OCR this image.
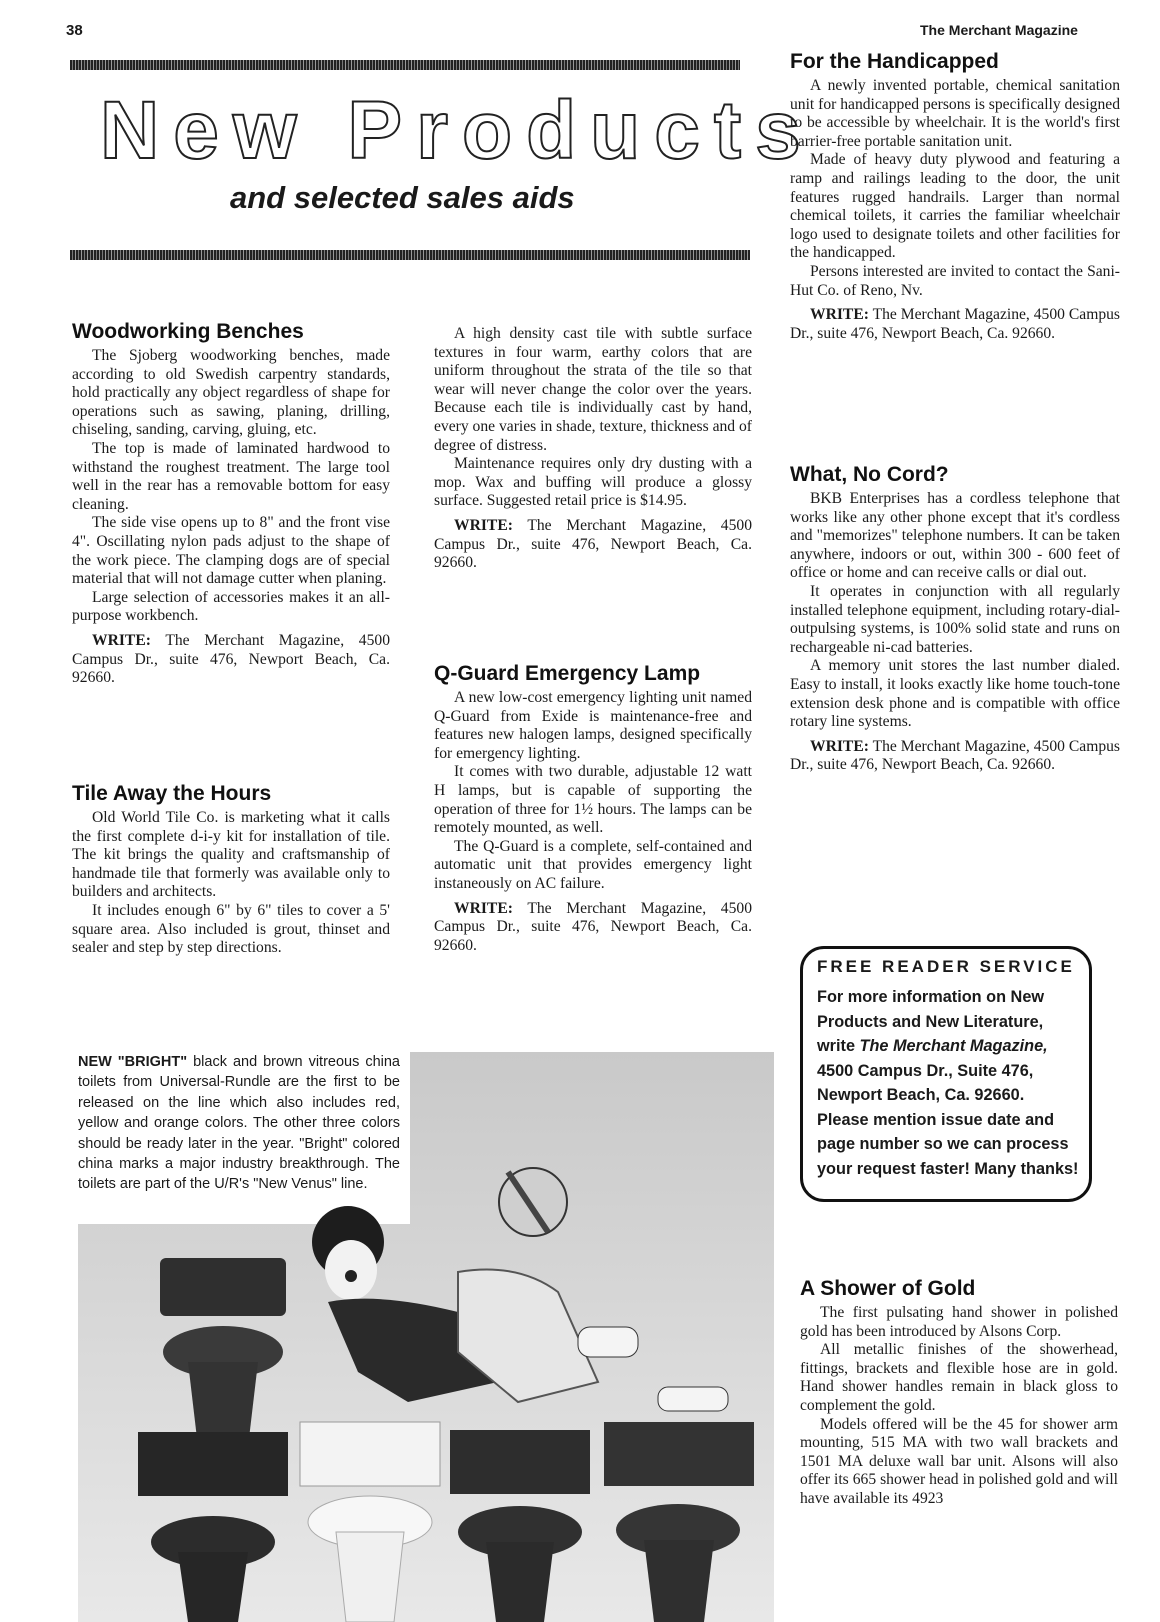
38	The Merchant Magazine
New Products
and selected sales aids
Woodworking Benches

The Sjoberg woodworking benches, made according to old Swedish carpentry standards, hold practically any object regardless of shape for operations such as sawing, planing, drilling, chiseling, sanding, carving, gluing, etc.

The top is made of laminated hardwood to withstand the roughest treatment. The large tool well in the rear has a removable bottom for easy cleaning.

The side vise opens up to 8" and the front vise 4". Oscillating nylon pads adjust to the shape of the work piece. The clamping dogs are of special material that will not damage cutter when planing.

Large selection of accessories makes it an all-purpose workbench.

WRITE: The Merchant Magazine, 4500 Campus Dr., suite 476, Newport Beach, Ca. 92660.

Tile Away the Hours

Old World Tile Co. is marketing what it calls the first complete d-i-y kit for installation of tile. The kit brings the quality and craftsmanship of handmade tile that formerly was available only to builders and architects.

It includes enough 6" by 6" tiles to cover a 5' square area. Also included is grout, thinset and sealer and step by step directions.

A high density cast tile with subtle surface textures in four warm, earthy colors that are uniform throughout the strata of the tile so that wear will never change the color over the years. Because each tile is individually cast by hand, every one varies in shade, texture, thickness and of degree of distress.

Maintenance requires only dry dusting with a mop. Wax and buffing will produce a glossy surface. Suggested retail price is $14.95.

WRITE: The Merchant Magazine, 4500 Campus Dr., suite 476, Newport Beach, Ca. 92660.

Q-Guard Emergency Lamp

A new low-cost emergency lighting unit named Q-Guard from Exide is maintenance-free and features new halogen lamps, designed specifically for emergency lighting.

It comes with two durable, adjustable 12 watt H lamps, but is capable of supporting the operation of three for 1½ hours. The lamps can be remotely mounted, as well.

The Q-Guard is a complete, self-contained and automatic unit that provides emergency light instaneously on AC failure.

WRITE: The Merchant Magazine, 4500 Campus Dr., suite 476, Newport Beach, Ca. 92660.

For the Handicapped

A newly invented portable, chemical sanitation unit for handicapped persons is specifically designed to be accessible by wheelchair. It is the world's first barrier-free portable sanitation unit.

Made of heavy duty plywood and featuring a ramp and railings leading to the door, the unit features rugged handrails. Larger than normal chemical toilets, it carries the familiar wheelchair logo used to designate toilets and other facilities for the handicapped.

Persons interested are invited to contact the Sani-Hut Co. of Reno, Nv.

WRITE: The Merchant Magazine, 4500 Campus Dr., suite 476, Newport Beach, Ca. 92660.

What, No Cord?

BKB Enterprises has a cordless telephone that works like any other phone except that it's cordless and "memorizes" telephone numbers. It can be taken anywhere, indoors or out, within 300 - 600 feet of office or home and can receive calls or dial out.

It operates in conjunction with all regularly installed telephone equipment, including rotary-dial-outpulsing systems, is 100% solid state and runs on rechargeable ni-cad batteries.

A memory unit stores the last number dialed. Easy to install, it looks exactly like home touch-tone extension desk phone and is compatible with office rotary line systems.

WRITE: The Merchant Magazine, 4500 Campus Dr., suite 476, Newport Beach, Ca. 92660.

FREE READER SERVICE
For more information on New Products and New Literature, write The Merchant Magazine, 4500 Campus Dr., Suite 476, Newport Beach, Ca. 92660. Please mention issue date and page number so we can process your request faster! Many thanks!
A Shower of Gold

The first pulsating hand shower in polished gold has been introduced by Alsons Corp.

All metallic finishes of the showerhead, fittings, brackets and flexible hose are in gold. Hand shower handles remain in black gloss to complement the gold.

Models offered will be the 45 for shower arm mounting, 515 MA with two wall brackets and 1501 MA deluxe wall bar unit. Alsons will also offer its 665 shower head in polished gold and will have available its 4923

NEW "BRIGHT" black and brown vitreous china toilets from Universal-Rundle are the first to be released on the line which also includes red, yellow and orange colors. The other three colors should be ready later in the year. "Bright" colored china marks a major industry breakthrough. The toilets are part of the U/R's "New Venus" line.
